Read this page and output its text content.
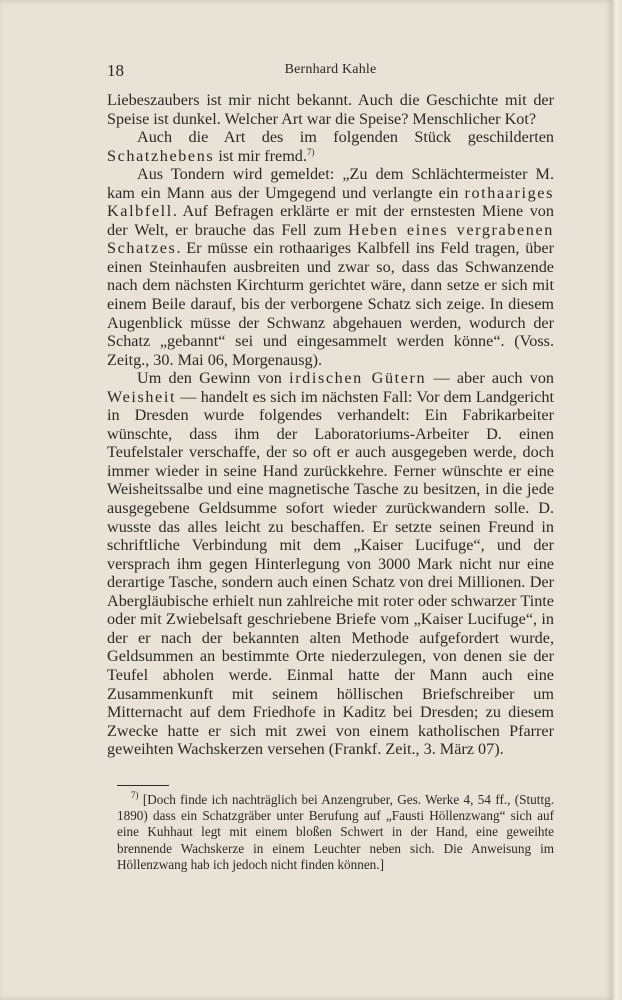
18	Bernhard Kahle

Liebeszaubers ist mir nicht bekannt. Auch die Geschichte mit der Speise ist dunkel. Welcher Art war die Speise? Menschlicher Kot?

Auch die Art des im folgenden Stück geschilderten Schatzhebens ist mir fremd.$^{7)}$

Aus Tondern wird gemeldet: „Zu dem Schlächtermeister M. kam ein Mann aus der Umgegend und verlangte ein rothaariges Kalbfell. Auf Befragen erklärte er mit der ernstesten Miene von der Welt, er brauche das Fell zum Heben eines vergrabenen Schatzes. Er müsse ein rothaariges Kalbfell ins Feld tragen, über einen Steinhaufen ausbreiten und zwar so, dass das Schwanzende nach dem nächsten Kirchturm gerichtet wäre, dann setze er sich mit einem Beile darauf, bis der verborgene Schatz sich zeige. In diesem Augenblick müsse der Schwanz abgehauen werden, wodurch der Schatz „gebannt“ sei und eingesammelt werden könne“. (Voss. Zeitg., 30. Mai 06, Morgenausg).

Um den Gewinn von irdischen Gütern — aber auch von Weisheit — handelt es sich im nächsten Fall: Vor dem Landgericht in Dresden wurde folgendes verhandelt: Ein Fabrikarbeiter wünschte, dass ihm der Laboratoriums-Arbeiter D. einen Teufelstaler verschaffe, der so oft er auch ausgegeben werde, doch immer wieder in seine Hand zurückkehre. Ferner wünschte er eine Weisheitssalbe und eine magnetische Tasche zu besitzen, in die jede ausgegebene Geldsumme sofort wieder zurückwandern solle. D. wusste das alles leicht zu beschaffen. Er setzte seinen Freund in schriftliche Verbindung mit dem „Kaiser Lucifuge“, und der versprach ihm gegen Hinterlegung von 3000 Mark nicht nur eine derartige Tasche, sondern auch einen Schatz von drei Millionen. Der Abergläubische erhielt nun zahlreiche mit roter oder schwarzer Tinte oder mit Zwiebelsaft geschriebene Briefe vom „Kaiser Lucifuge“, in der er nach der bekannten alten Methode aufgefordert wurde, Geldsummen an bestimmte Orte niederzulegen, von denen sie der Teufel abholen werde. Einmal hatte der Mann auch eine Zusammenkunft mit seinem höllischen Briefschreiber um Mitternacht auf dem Friedhofe in Kaditz bei Dresden; zu diesem Zwecke hatte er sich mit zwei von einem katholischen Pfarrer geweihten Wachskerzen versehen (Frankf. Zeit., 3. März 07).

$^{7)}$ [Doch finde ich nachträglich bei Anzengruber, Ges. Werke 4, 54 ff., (Stuttg. 1890) dass ein Schatzgräber unter Berufung auf „Fausti Höllenzwang“ sich auf eine Kuhhaut legt mit einem bloßen Schwert in der Hand, eine geweihte brennende Wachskerze in einem Leuchter neben sich. Die Anweisung im Höllenzwang hab ich jedoch nicht finden können.]
